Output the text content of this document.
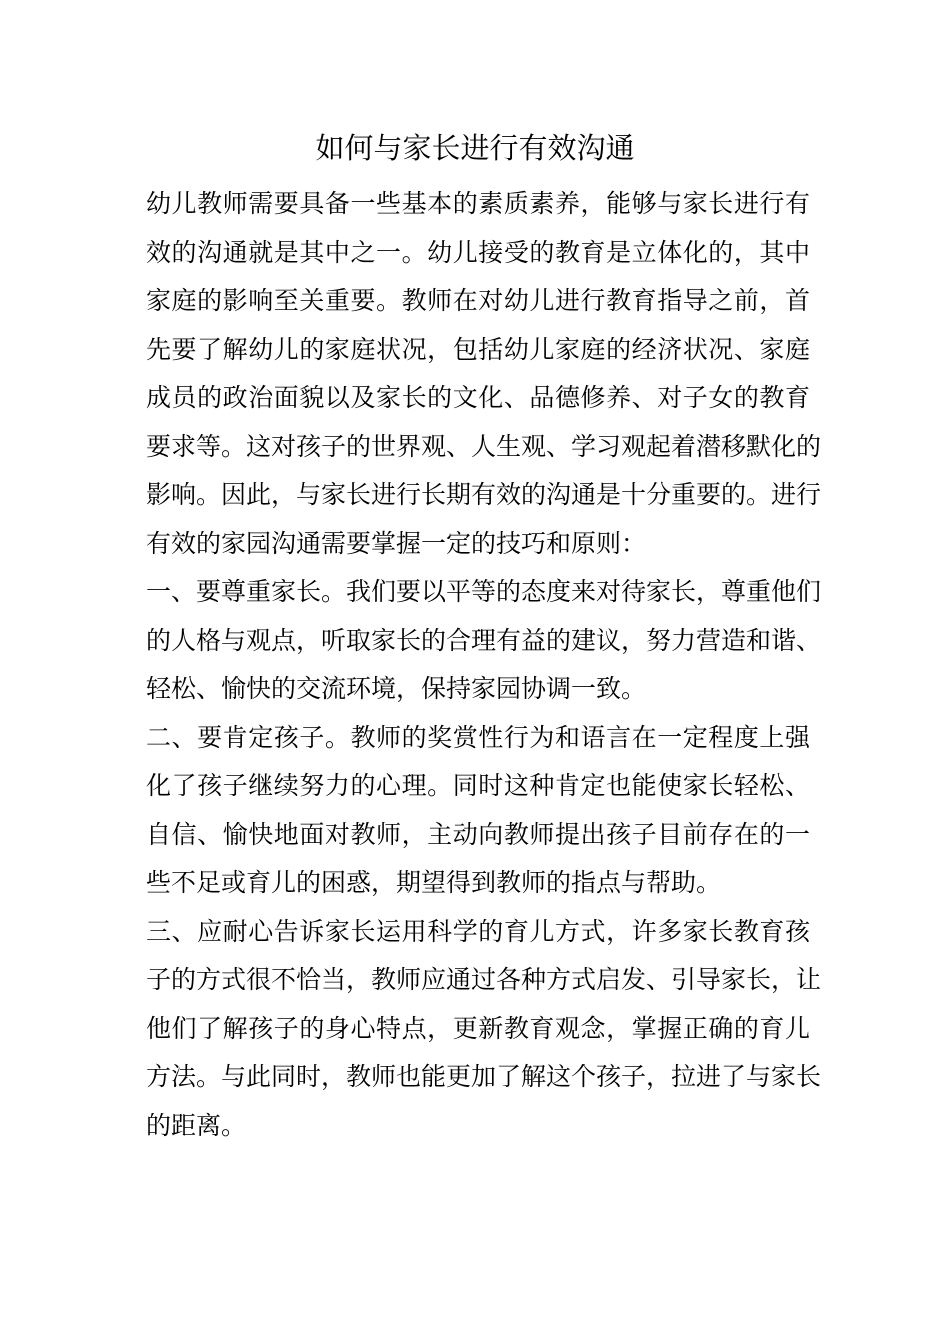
如何与家长进行有效沟通
幼儿教师需要具备一些基本的素质素养，能够与家长进行有
效的沟通就是其中之一。幼儿接受的教育是立体化的，其中
家庭的影响至关重要。教师在对幼儿进行教育指导之前，首
先要了解幼儿的家庭状况，包括幼儿家庭的经济状况、家庭
成员的政治面貌以及家长的文化、品德修养、对子女的教育
要求等。这对孩子的世界观、人生观、学习观起着潜移默化的
影响。因此，与家长进行长期有效的沟通是十分重要的。进行
有效的家园沟通需要掌握一定的技巧和原则：
一、要尊重家长。我们要以平等的态度来对待家长，尊重他们
的人格与观点，听取家长的合理有益的建议，努力营造和谐、
轻松、愉快的交流环境，保持家园协调一致。
二、要肯定孩子。教师的奖赏性行为和语言在一定程度上强
化了孩子继续努力的心理。同时这种肯定也能使家长轻松、
自信、愉快地面对教师，主动向教师提出孩子目前存在的一
些不足或育儿的困惑，期望得到教师的指点与帮助。
三、应耐心告诉家长运用科学的育儿方式，许多家长教育孩
子的方式很不恰当，教师应通过各种方式启发、引导家长，让
他们了解孩子的身心特点，更新教育观念，掌握正确的育儿
方法。与此同时，教师也能更加了解这个孩子，拉进了与家长
的距离。
